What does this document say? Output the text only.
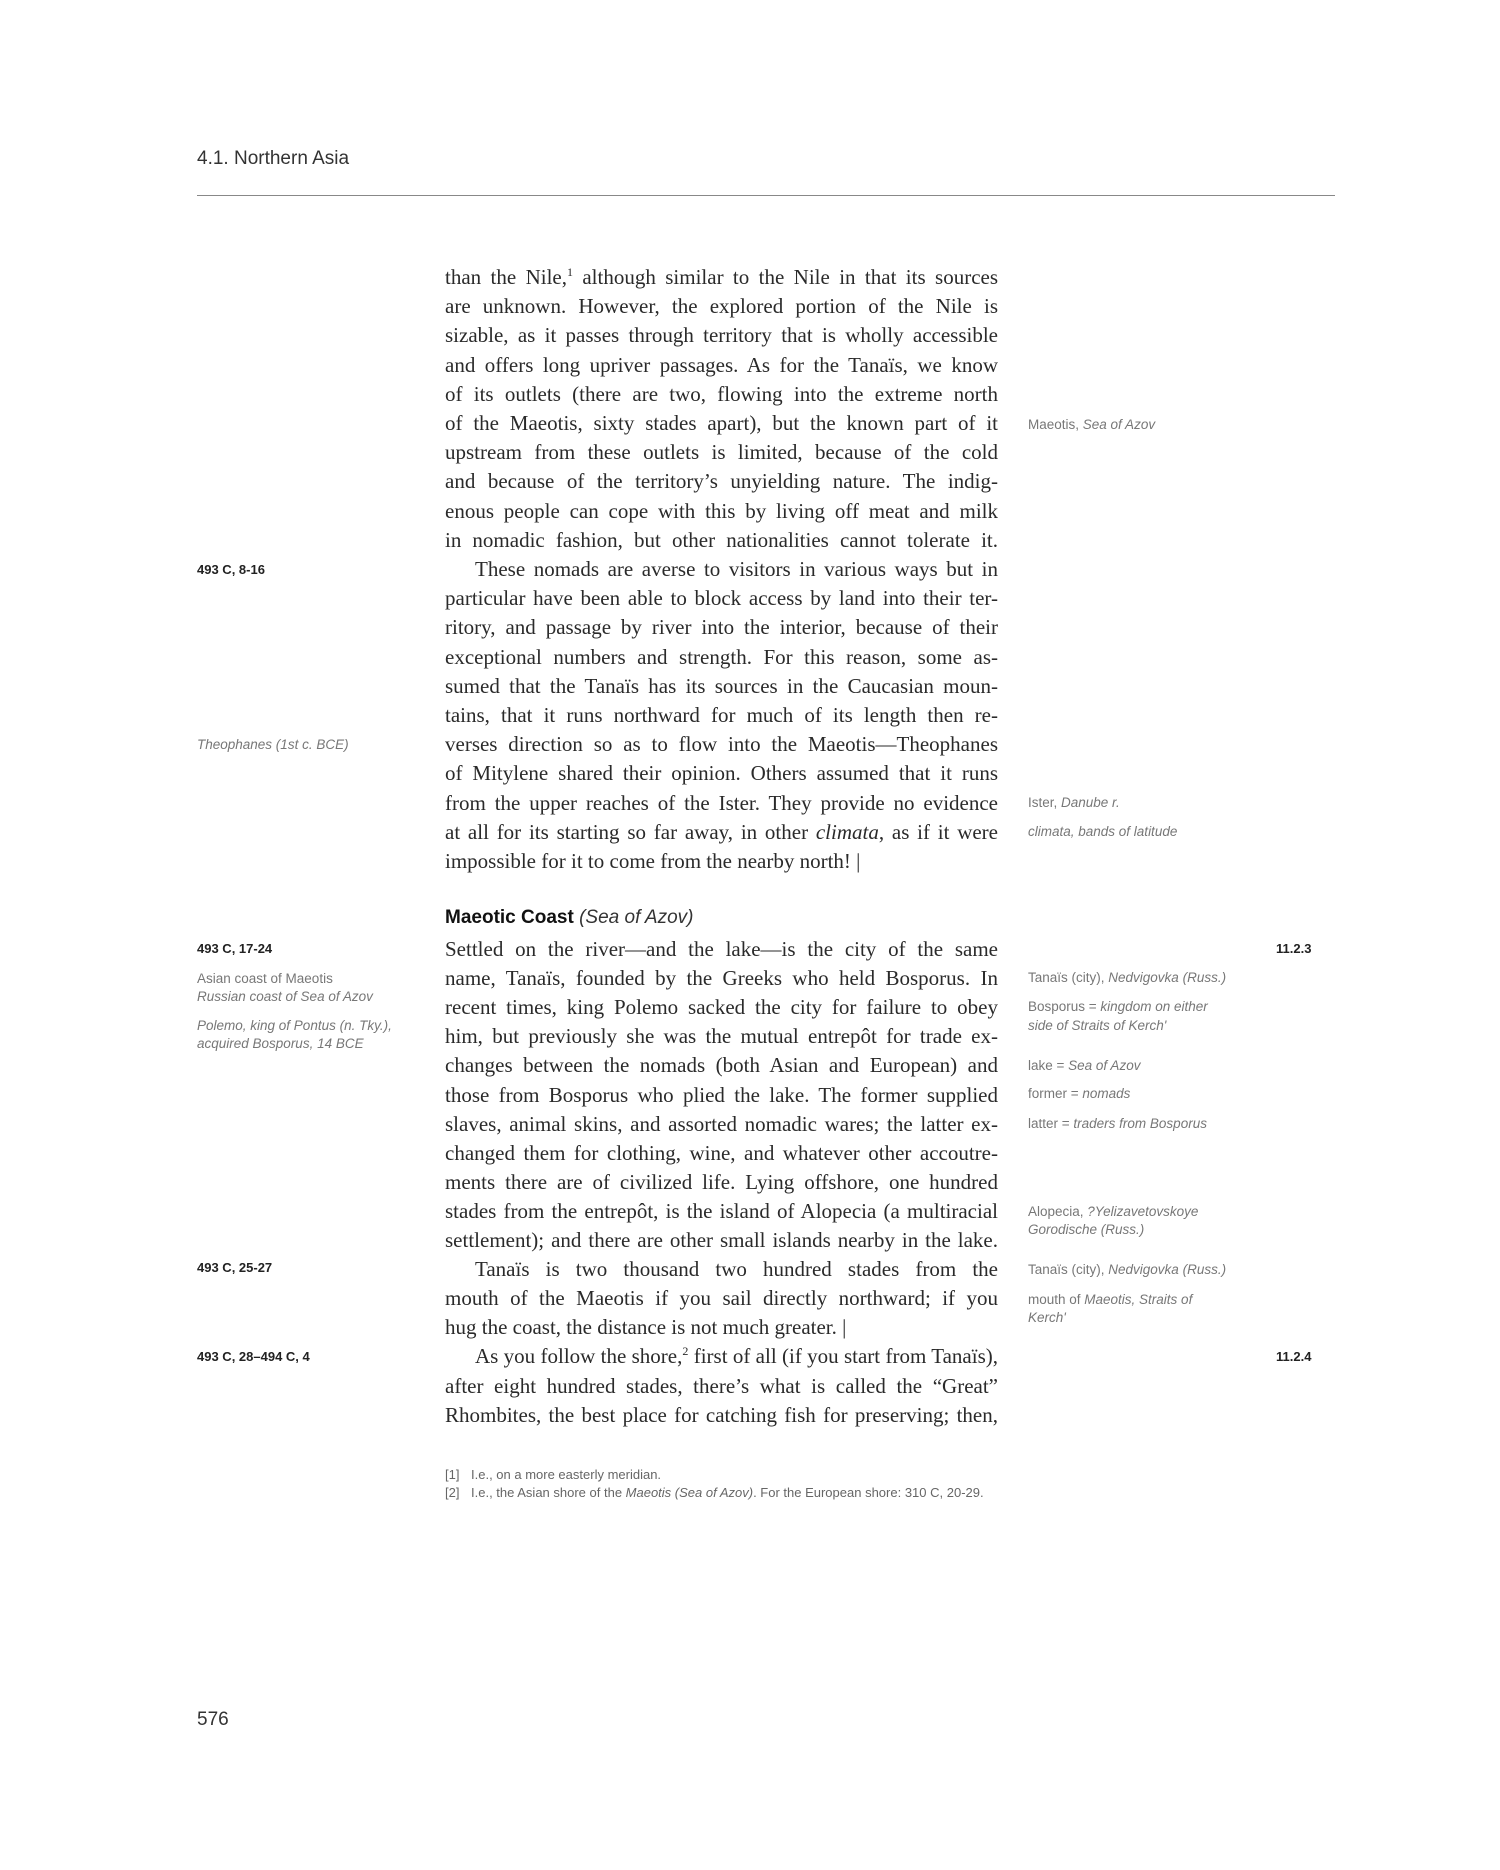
4.1. Northern Asia
than the Nile,$^1$ although similar to the Nile in that its sources
are unknown. However, the explored portion of the Nile is
sizable, as it passes through territory that is wholly accessible
and offers long upriver passages. As for the Tanaïs, we know
of its outlets (there are two, flowing into the extreme north
of the Maeotis, sixty stades apart), but the known part of it
upstream from these outlets is limited, because of the cold
and because of the territory’s unyielding nature. The indig-
enous people can cope with this by living off meat and milk
in nomadic fashion, but other nationalities cannot tolerate it.
These nomads are averse to visitors in various ways but in
particular have been able to block access by land into their ter-
ritory, and passage by river into the interior, because of their
exceptional numbers and strength. For this reason, some as-
sumed that the Tanaïs has its sources in the Caucasian moun-
tains, that it runs northward for much of its length then re-
verses direction so as to flow into the Maeotis—Theophanes
of Mitylene shared their opinion. Others assumed that it runs
from the upper reaches of the Ister. They provide no evidence
at all for its starting so far away, in other climata, as if it were
impossible for it to come from the nearby north! |
Settled on the river—and the lake—is the city of the same
name, Tanaïs, founded by the Greeks who held Bosporus. In
recent times, king Polemo sacked the city for failure to obey
him, but previously she was the mutual entrepôt for trade ex-
changes between the nomads (both Asian and European) and
those from Bosporus who plied the lake. The former supplied
slaves, animal skins, and assorted nomadic wares; the latter ex-
changed them for clothing, wine, and whatever other accoutre-
ments there are of civilized life. Lying offshore, one hundred
stades from the entrepôt, is the island of Alopecia (a multiracial
settlement); and there are other small islands nearby in the lake.
Tanaïs is two thousand two hundred stades from the
mouth of the Maeotis if you sail directly northward; if you
hug the coast, the distance is not much greater. |
As you follow the shore,$^2$ first of all (if you start from Tanaïs),
after eight hundred stades, there’s what is called the “Great”
Rhombites, the best place for catching fish for preserving; then,
Maeotic Coast (Sea of Azov)
493 C, 8-16
Theophanes (1st c. BCE)
493 C, 17-24
Asian coast of Maeotis
Russian coast of Sea of Azov
Polemo, king of Pontus (n. Tky.),
acquired Bosporus, 14 BCE
493 C, 25-27
493 C, 28–494 C, 4
Maeotis, Sea of Azov
Ister, Danube r.
climata, bands of latitude
11.2.3
Tanaïs (city), Nedvigovka (Russ.)
Bosporus = kingdom on either
side of Straits of Kerch'
lake = Sea of Azov
former = nomads
latter = traders from Bosporus
Alopecia, ?Yelizavetovskoye
Gorodische (Russ.)
Tanaïs (city), Nedvigovka (Russ.)
mouth of Maeotis, Straits of
Kerch'
11.2.4
[1] I.e., on a more easterly meridian.
[2] I.e., the Asian shore of the Maeotis (Sea of Azov). For the European shore: 310 C, 20-29.
576
